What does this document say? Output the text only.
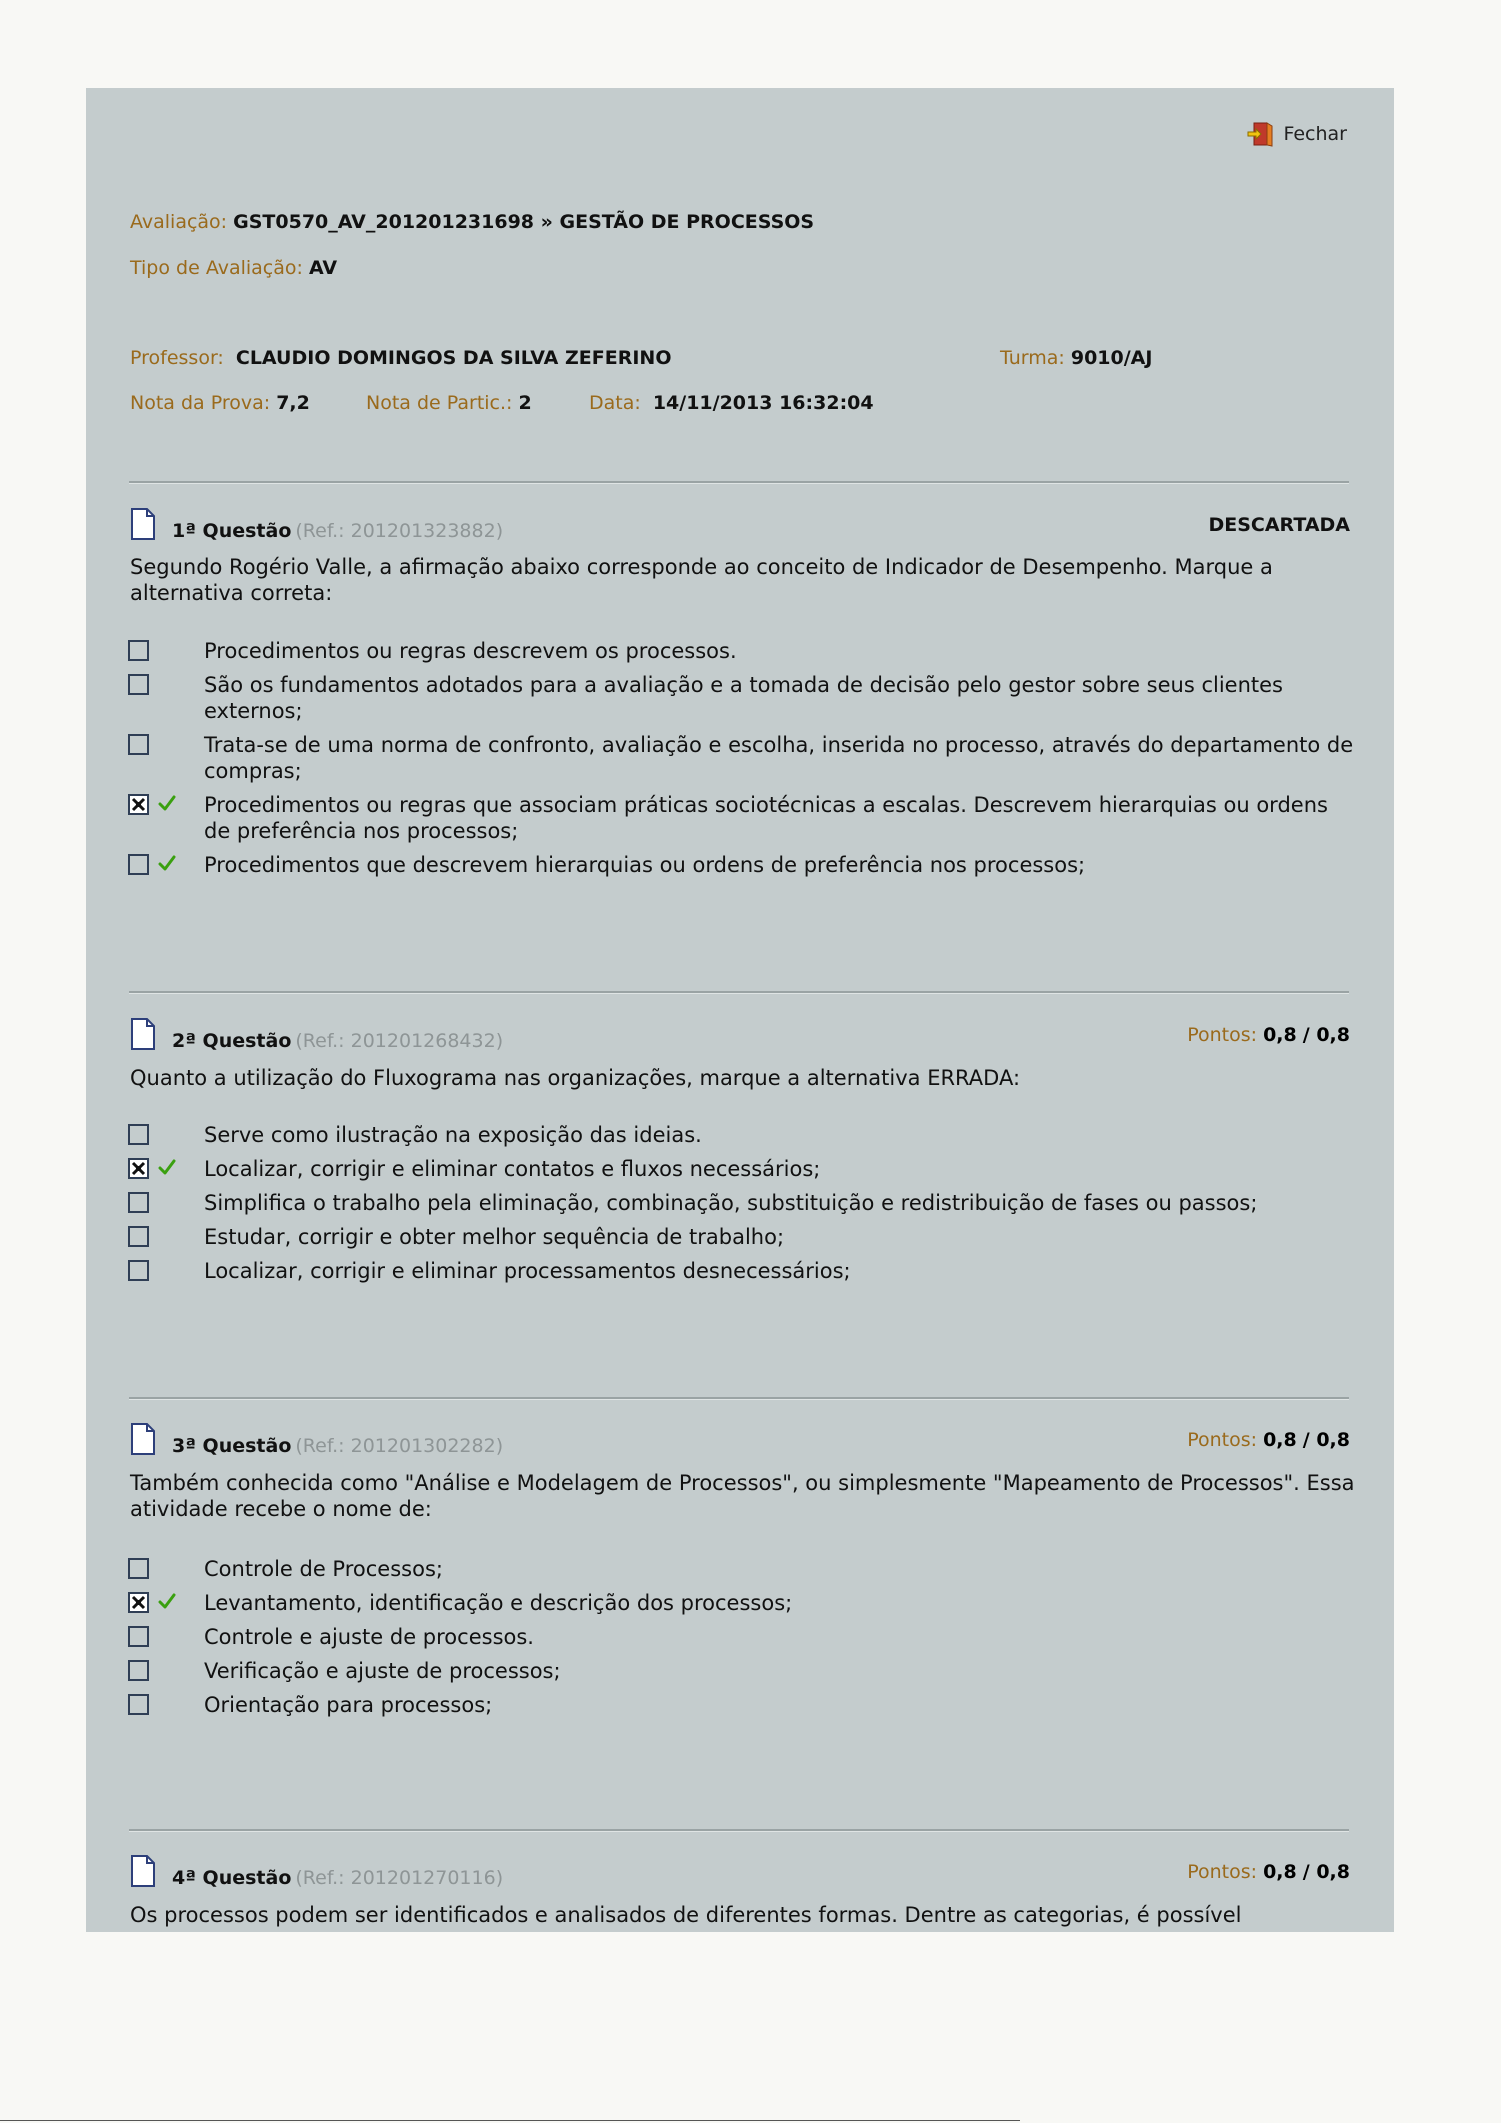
Fechar
Avaliação: GST0570_AV_201201231698 » GESTÃO DE PROCESSOS
Tipo de Avaliação: AV
Professor: CLAUDIO DOMINGOS DA SILVA ZEFERINO	Turma: 9010/AJ
Nota da Prova: 7,2	Nota de Partic.: 2	Data: 14/11/2013 16:32:04
1ª Questão (Ref.: 201201323882)	DESCARTADA
Segundo Rogério Valle, a afirmação abaixo corresponde ao conceito de Indicador de Desempenho. Marque a alternativa correta:
Procedimentos ou regras descrevem os processos.
São os fundamentos adotados para a avaliação e a tomada de decisão pelo gestor sobre seus clientes externos;
Trata-se de uma norma de confronto, avaliação e escolha, inserida no processo, através do departamento de compras;
Procedimentos ou regras que associam práticas sociotécnicas a escalas. Descrevem hierarquias ou ordens de preferência nos processos;
Procedimentos que descrevem hierarquias ou ordens de preferência nos processos;
2ª Questão (Ref.: 201201268432)	Pontos: 0,8 / 0,8
Quanto a utilização do Fluxograma nas organizações, marque a alternativa ERRADA:
Serve como ilustração na exposição das ideias.
Localizar, corrigir e eliminar contatos e fluxos necessários;
Simplifica o trabalho pela eliminação, combinação, substituição e redistribuição de fases ou passos;
Estudar, corrigir e obter melhor sequência de trabalho;
Localizar, corrigir e eliminar processamentos desnecessários;
3ª Questão (Ref.: 201201302282)	Pontos: 0,8 / 0,8
Também conhecida como "Análise e Modelagem de Processos", ou simplesmente "Mapeamento de Processos". Essa atividade recebe o nome de:
Controle de Processos;
Levantamento, identificação e descrição dos processos;
Controle e ajuste de processos.
Verificação e ajuste de processos;
Orientação para processos;
4ª Questão (Ref.: 201201270116)	Pontos: 0,8 / 0,8
Os processos podem ser identificados e analisados de diferentes formas. Dentre as categorias, é possível
